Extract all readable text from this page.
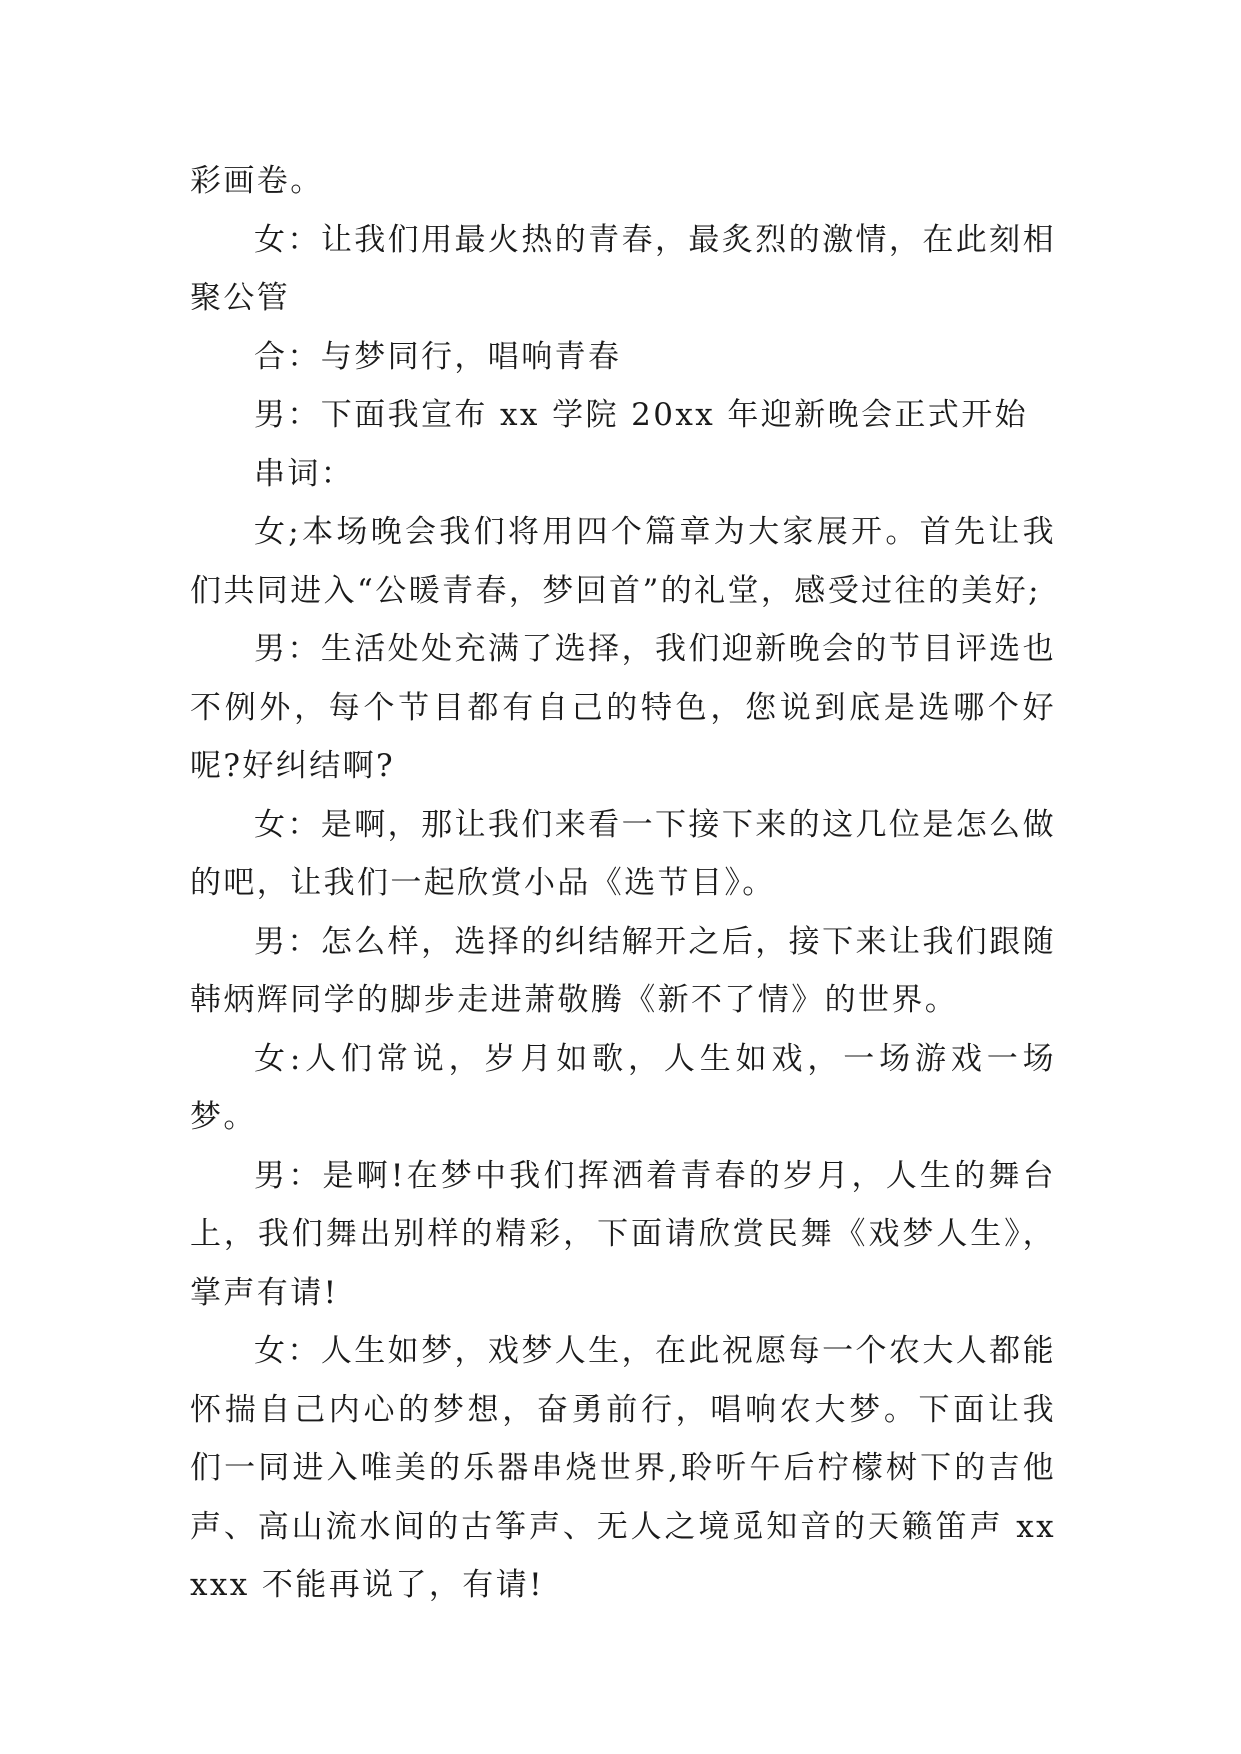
彩画卷。

女：让我们用最火热的青春，最炙烈的激情，在此刻相聚公管

合：与梦同行，唱响青春

男：下面我宣布 xx 学院 20xx 年迎新晚会正式开始

串词：

女;本场晚会我们将用四个篇章为大家展开。首先让我们共同进入“公暖青春，梦回首”的礼堂，感受过往的美好;

男：生活处处充满了选择，我们迎新晚会的节目评选也不例外，每个节目都有自己的特色，您说到底是选哪个好呢?好纠结啊?

女：是啊，那让我们来看一下接下来的这几位是怎么做的吧，让我们一起欣赏小品《选节目》。

男：怎么样，选择的纠结解开之后，接下来让我们跟随韩炳辉同学的脚步走进萧敬腾《新不了情》的世界。

女:人们常说，岁月如歌，人生如戏，一场游戏一场梦。

男：是啊!在梦中我们挥洒着青春的岁月，人生的舞台上，我们舞出别样的精彩，下面请欣赏民舞《戏梦人生》，掌声有请!

女：人生如梦，戏梦人生，在此祝愿每一个农大人都能怀揣自己内心的梦想，奋勇前行，唱响农大梦。下面让我们一同进入唯美的乐器串烧世界,聆听午后柠檬树下的吉他声、高山流水间的古筝声、无人之境觅知音的天籁笛声 xxxxx 不能再说了，有请!
